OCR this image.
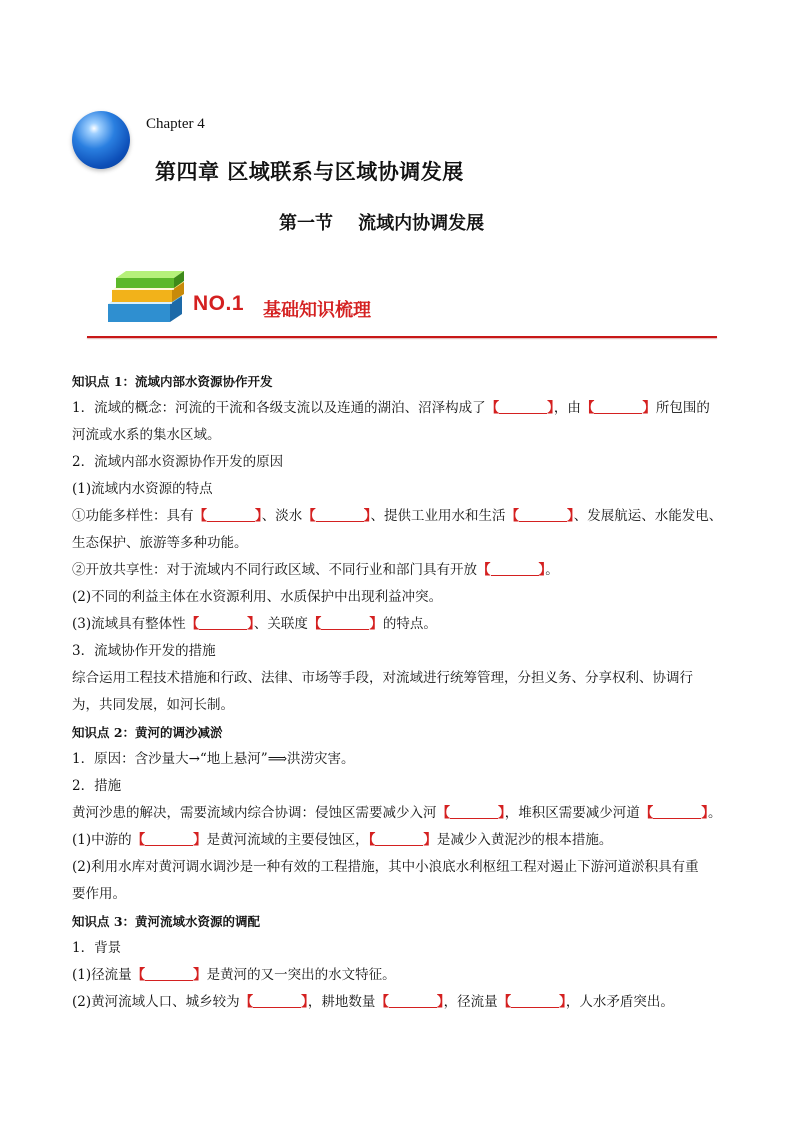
Chapter 4
第四章 区域联系与区域协调发展
第一节    流域内协调发展
NO.1 基础知识梳理

知识点 1：流域内部水资源协作开发

1．流域的概念：河流的干流和各级支流以及连通的湖泊、沼泽构成了【	】，由【	】所包围的

河流或水系的集水区域。

2．流域内部水资源协作开发的原因

(1)流域内水资源的特点

①功能多样性：具有【	】、淡水【	】、提供工业用水和生活【	】、发展航运、水能发电、

生态保护、旅游等多种功能。

②开放共享性：对于流域内不同行政区域、不同行业和部门具有开放【	】。

(2)不同的利益主体在水资源利用、水质保护中出现利益冲突。

(3)流域具有整体性【	】、关联度【	】的特点。

3．流域协作开发的措施

综合运用工程技术措施和行政、法律、市场等手段，对流域进行统筹管理，分担义务、分享权利、协调行

为，共同发展，如河长制。

知识点 2：黄河的调沙减淤

1．原因：含沙量大→“地上悬河”⟹洪涝灾害。

2．措施

黄河沙患的解决，需要流域内综合协调：侵蚀区需要减少入河【	】，堆积区需要减少河道【	】。

(1)中游的【	】是黄河流域的主要侵蚀区，【	】是减少入黄泥沙的根本措施。

(2)利用水库对黄河调水调沙是一种有效的工程措施，其中小浪底水利枢纽工程对遏止下游河道淤积具有重

要作用。

知识点 3：黄河流域水资源的调配

1．背景

(1)径流量【	】是黄河的又一突出的水文特征。

(2)黄河流域人口、城乡较为【	】，耕地数量【	】，径流量【	】，人水矛盾突出。
